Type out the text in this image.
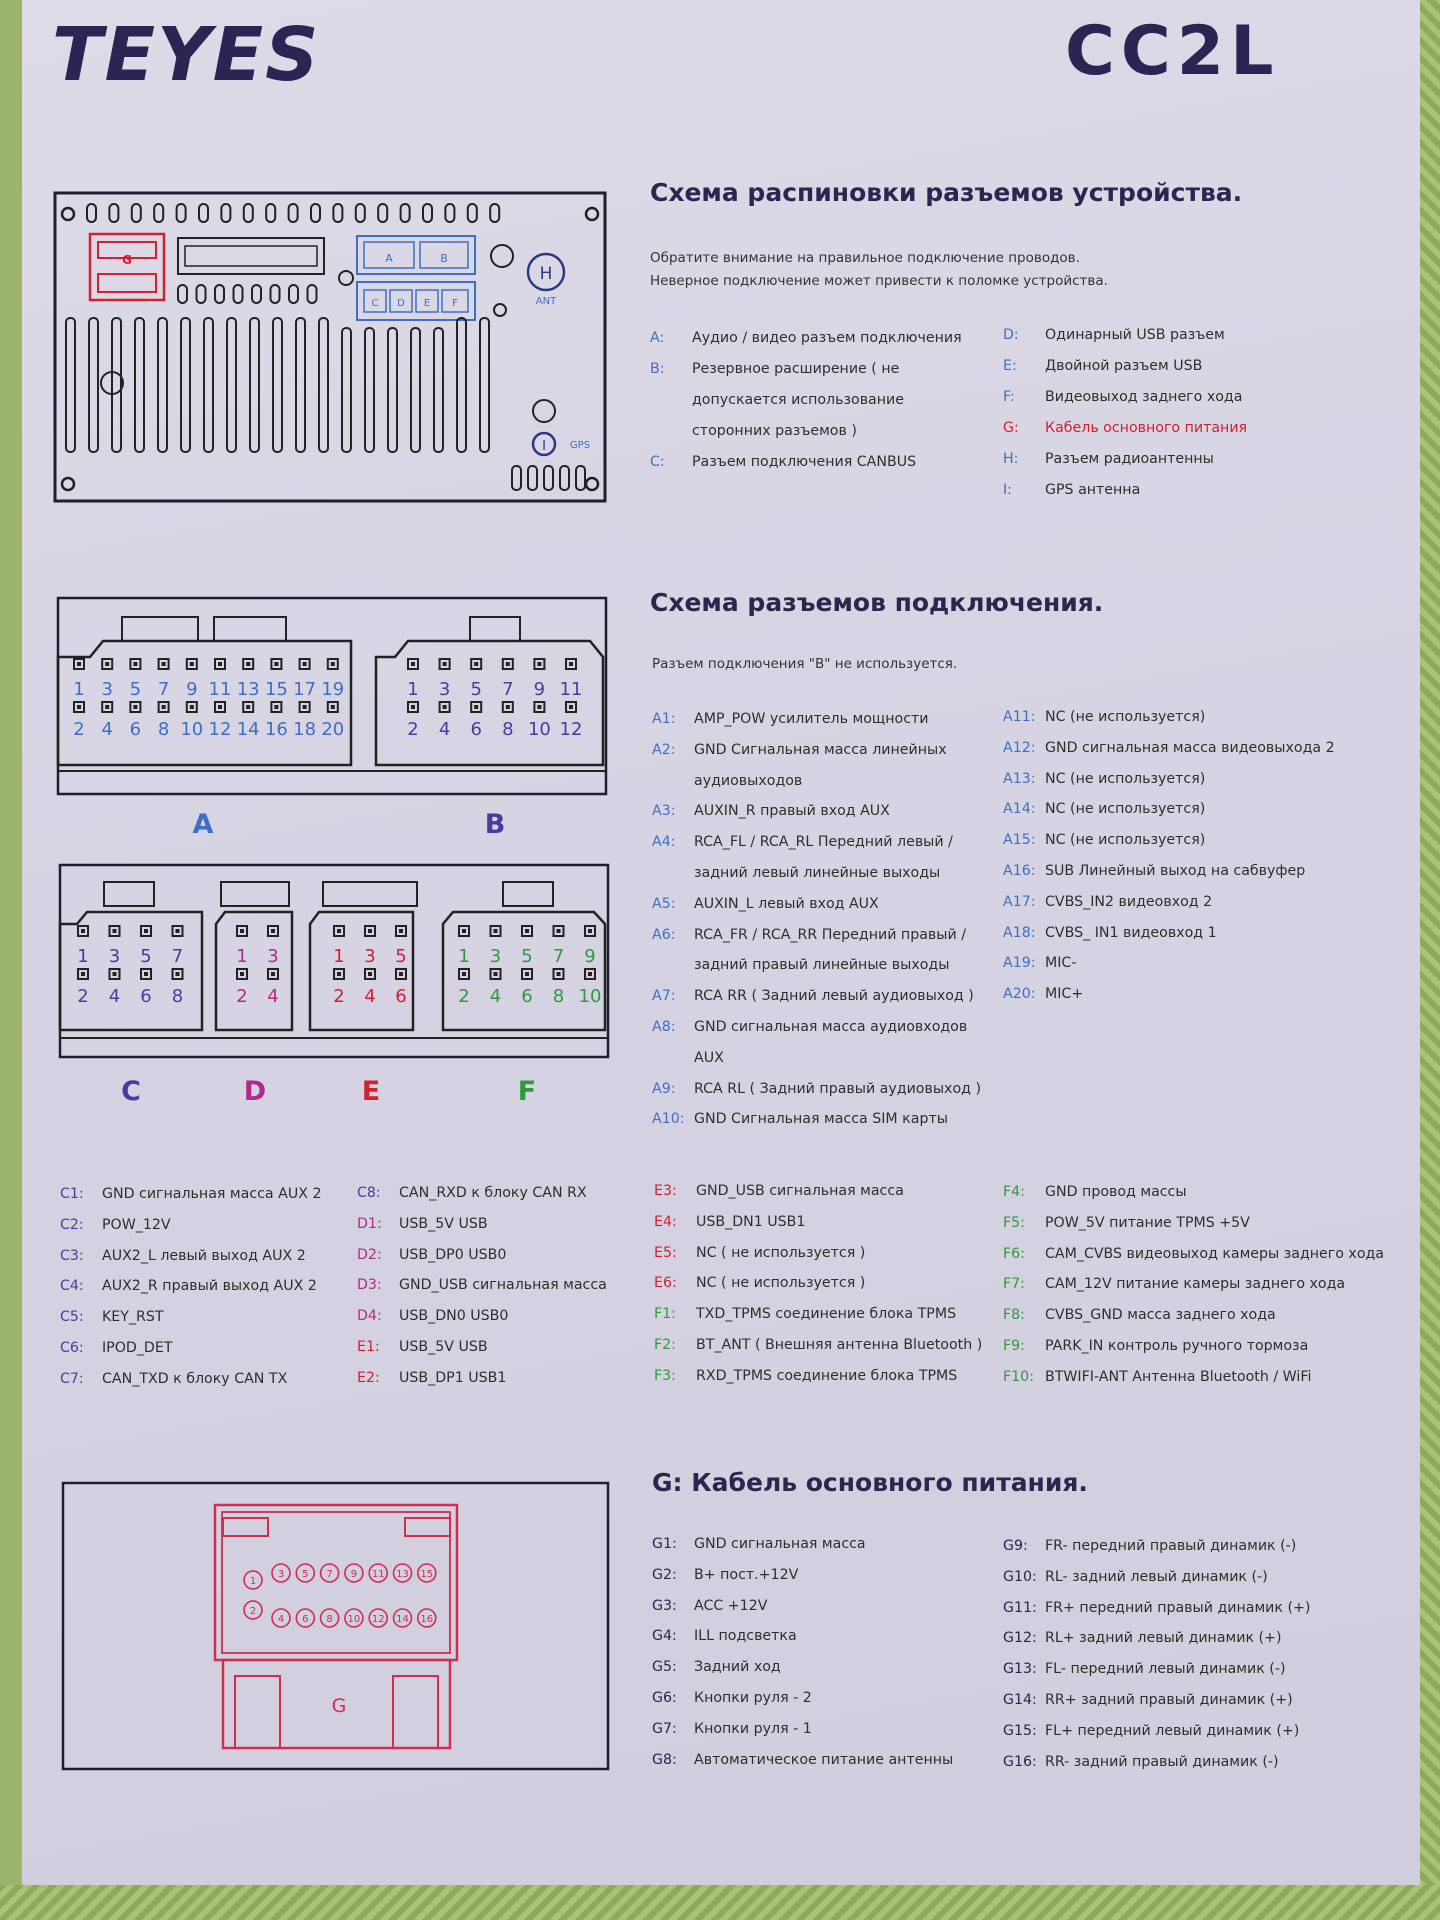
TEYES	CC2L
G	A	B
C D E F
H
ANT
I GPS
Схема распиновки разъемов устройства.
Обратите внимание на правильное подключение проводов.
Неверное подключение может привести к поломке устройства.
A:	Аудио / видео разъем подключения
B:	Резервное расширение ( не допускается использование сторонних разъемов )
C:	Разъем подключения CANBUS
D:	Одинарный USB разъем
E:	Двойной разъем USB
F:	Видеовыход заднего хода
G:	Кабель основного питания
H:	Разъем радиоантенны
I:	GPS антенна
1 3 5 7 9 11 13 15 17 19
2 4 6 8 10 12 14 16 18 20
1 3 5 7 9 11
2 4 6 8 10 12
A	B
1 3 5 7
2 4 6 8
1 3
2 4
1 3 5
2 4 6
1 3 5 7 9
2 4 6 8 10
C	D	E	F
Схема разъемов подключения.
Разъем подключения "B" не используется.
A1:	AMP_POW усилитель мощности
A2:	GND Сигнальная масса линейных аудиовыходов
A3:	AUXIN_R правый вход AUX
A4:	RCA_FL / RCA_RL Передний левый / задний левый линейные выходы
A5:	AUXIN_L левый вход AUX
A6:	RCA_FR / RCA_RR Передний правый / задний правый линейные выходы
A7:	RCA RR ( Задний левый аудиовыход )
A8:	GND сигнальная масса аудиовходов AUX
A9:	RCA RL ( Задний правый аудиовыход )
A10: GND Сигнальная масса SIM карты
A11: NC (не используется)
A12: GND сигнальная масса видеовыхода 2
A13: NC (не используется)
A14: NC (не используется)
A15: NC (не используется)
A16: SUB Линейный выход на сабвуфер
A17: CVBS_IN2 видеовход 2
A18: CVBS_ IN1 видеовход 1
A19: MIC-
A20: MIC+
C1:	GND сигнальная масса AUX 2
C2:	POW_12V
C3:	AUX2_L левый выход AUX 2
C4:	AUX2_R правый выход AUX 2
C5:	KEY_RST
C6:	IPOD_DET
C7:	CAN_TXD к блоку CAN TX
C8:	CAN_RXD к блоку CAN RX
D1:	USB_5V USB
D2:	USB_DP0 USB0
D3:	GND_USB сигнальная масса
D4:	USB_DN0 USB0
E1:	USB_5V USB
E2:	USB_DP1 USB1
E3:	GND_USB сигнальная масса
E4:	USB_DN1 USB1
E5:	NC ( не используется )
E6:	NC ( не используется )
F1:	TXD_TPMS соединение блока TPMS
F2:	BT_ANT ( Внешняя антенна Bluetooth )
F3:	RXD_TPMS соединение блока TPMS
F4:	GND провод массы
F5:	POW_5V питание TPMS +5V
F6:	CAM_CVBS видеовыход камеры заднего хода
F7:	CAM_12V питание камеры заднего хода
F8:	CVBS_GND масса заднего хода
F9:	PARK_IN контроль ручного тормоза
F10: BTWIFI-ANT Антенна Bluetooth / WiFi
1
2
3
4
5
6
7
8
9
10
11
12
13
14
15
16
G
G: Кабель основного питания.
G1:	GND сигнальная масса
G2:	B+ пост.+12V
G3:	ACC +12V
G4:	ILL подсветка
G5:	Задний ход
G6:	Кнопки руля - 2
G7:	Кнопки руля - 1
G8:	Автоматическое питание антенны
G9:	FR- передний правый динамик (-)
G10: RL- задний левый динамик (-)
G11: FR+ передний правый динамик (+)
G12: RL+ задний левый динамик (+)
G13: FL- передний левый динамик (-)
G14: RR+ задний правый динамик (+)
G15: FL+ передний левый динамик (+)
G16: RR- задний правый динамик (-)
